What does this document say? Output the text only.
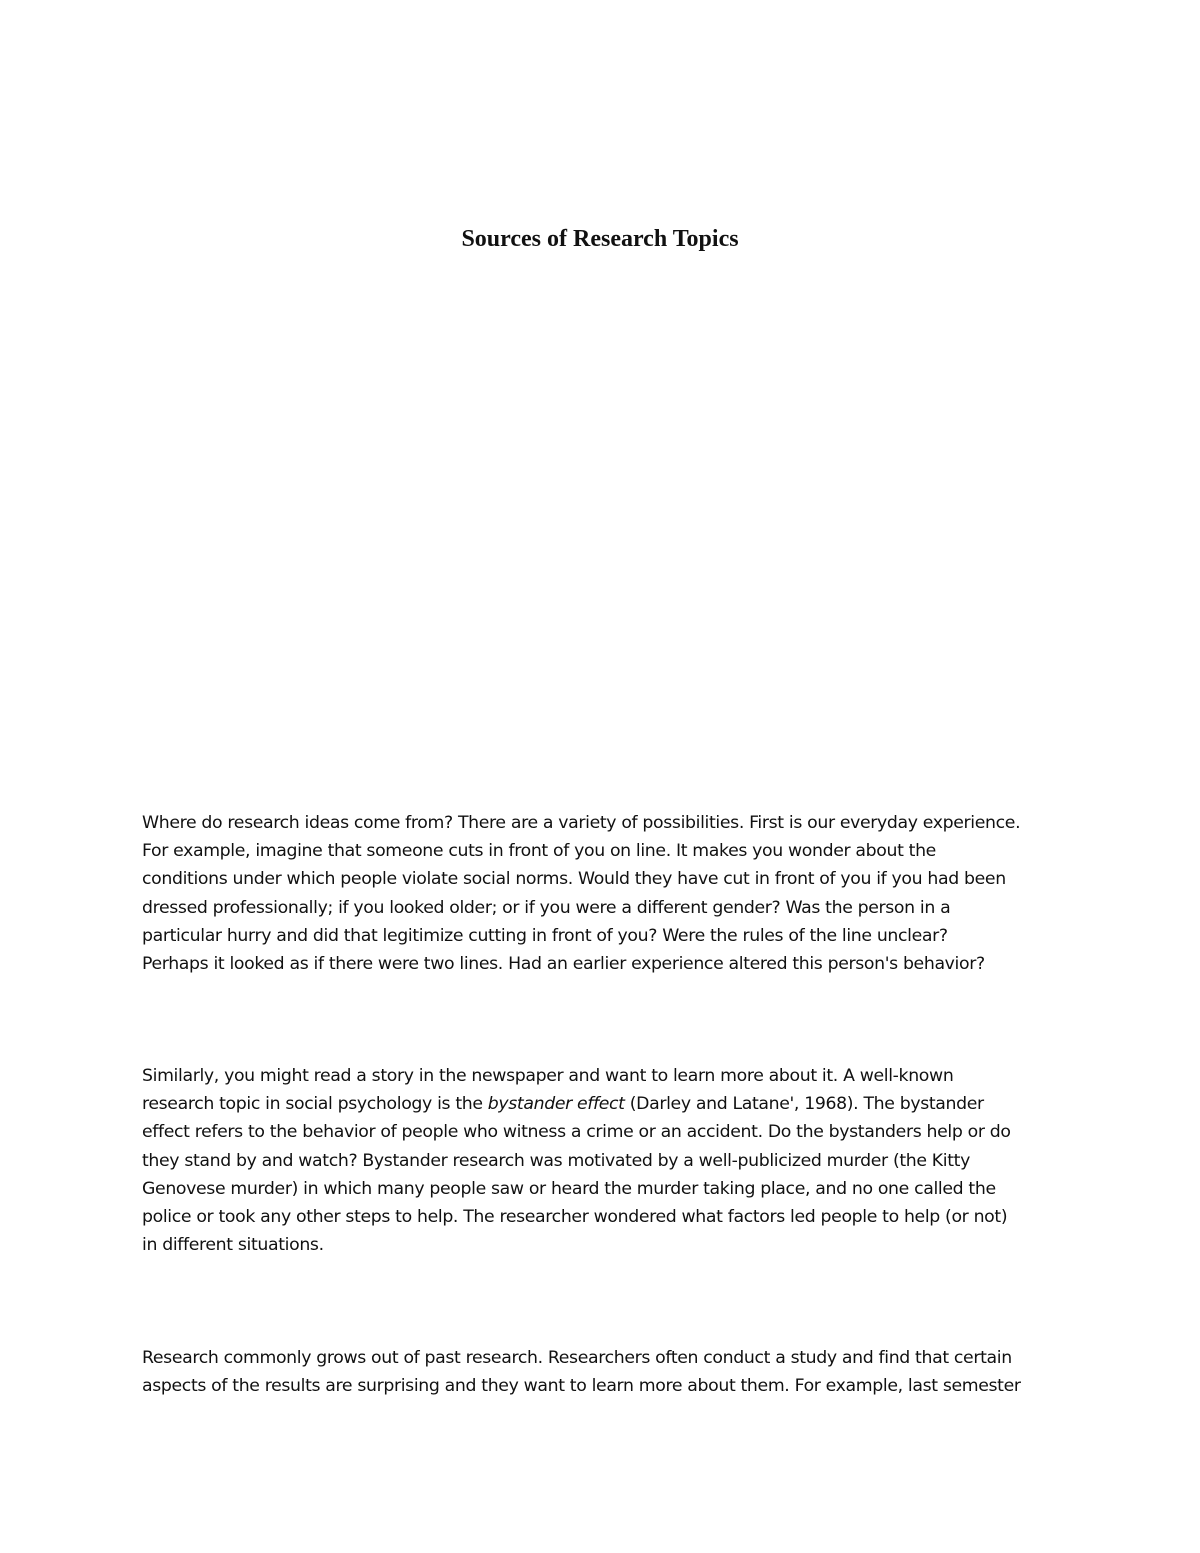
Sources of Research Topics

Where do research ideas come from? There are a variety of possibilities. First is our everyday experience.
For example, imagine that someone cuts in front of you on line. It makes you wonder about the
conditions under which people violate social norms. Would they have cut in front of you if you had been
dressed professionally; if you looked older; or if you were a different gender? Was the person in a
particular hurry and did that legitimize cutting in front of you? Were the rules of the line unclear?
Perhaps it looked as if there were two lines. Had an earlier experience altered this person's behavior?

Similarly, you might read a story in the newspaper and want to learn more about it. A well-known
research topic in social psychology is the bystander effect (Darley and Latane', 1968). The bystander
effect refers to the behavior of people who witness a crime or an accident. Do the bystanders help or do
they stand by and watch? Bystander research was motivated by a well-publicized murder (the Kitty
Genovese murder) in which many people saw or heard the murder taking place, and no one called the
police or took any other steps to help. The researcher wondered what factors led people to help (or not)
in different situations.

Research commonly grows out of past research. Researchers often conduct a study and find that certain
aspects of the results are surprising and they want to learn more about them. For example, last semester
